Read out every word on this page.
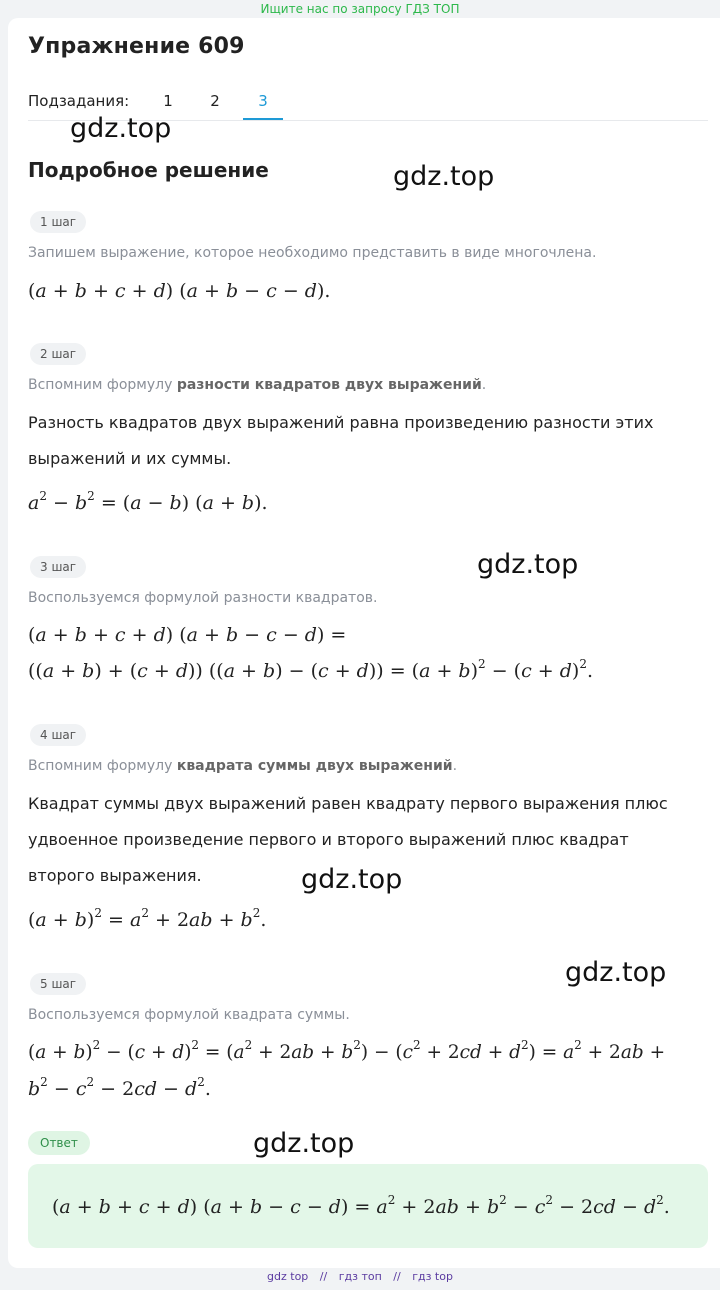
Ищите нас по запросу ГДЗ ТОП
Упражнение 609
Подзадания:	1	2	3
Подробное решение
1 шаг
Запишем выражение, которое необходимо представить в виде многочлена.
(a + b + c + d) (a + b − c − d).
2 шаг
Вспомним формулу разности квадратов двух выражений.
Разность квадратов двух выражений равна произведению разности этих выражений и их суммы.
$a^2 - b^2 = (a - b) (a + b)$.
3 шаг
Воспользуемся формулой разности квадратов.
(a + b + c + d) (a + b − c − d) =
((a + b) + (c + d)) $((a + b) - (c + d)) = (a + b)^2 - (c + d)^2$.
4 шаг
Вспомним формулу квадрата суммы двух выражений.
Квадрат суммы двух выражений равен квадрату первого выражения плюс удвоенное произведение первого и второго выражений плюс квадрат второго выражения.
$(a + b)^2 = a^2 + 2ab + b^2$.
5 шаг
Воспользуемся формулой квадрата суммы.
$(a + b)^2 - (c + d)^2 = (a^2 + 2ab + b^2) - (c^2 + 2cd + d^2) = a^2 + 2ab$ +
$b^2 - c^2 - 2cd - d^2$.
Ответ
(a + b + c + d) $(a + b - c - d) = a^2 + 2ab + b^2 - c^2 - 2cd - d^2$.
gdz.top
gdz.top
gdz.top
gdz.top
gdz.top
gdz.top
gdz top // гдз топ // гдз top
